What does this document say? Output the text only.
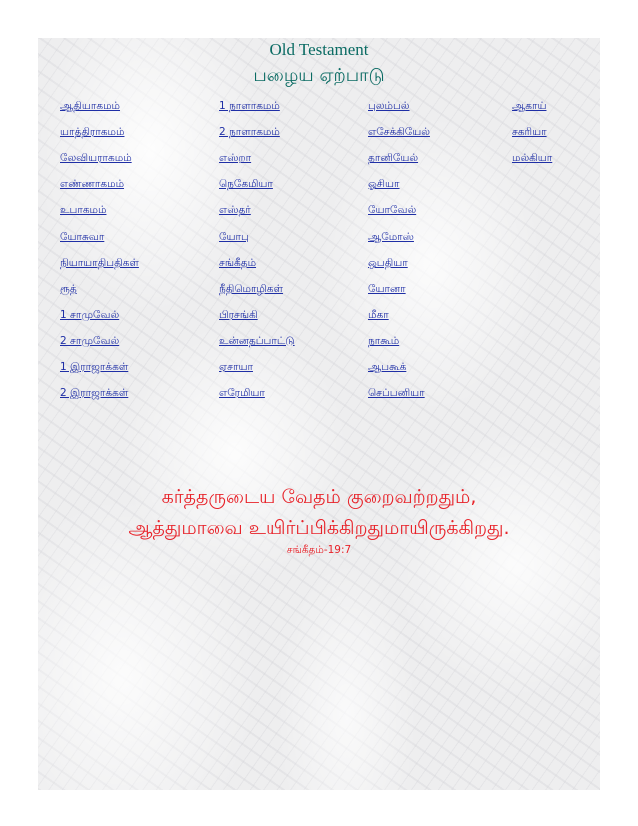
Old Testament
பழைய ஏற்பாடு
ஆதியாகமம்
யாத்திராகமம்
லேவியராகமம்
எண்ணாகமம்
உபாகமம்
யோசுவா
நியாயாதிபதிகள்
ரூத்
1 சாமுவேல்
2 சாமுவேல்
1 இராஜாக்கள்
2 இராஜாக்கள்
1 நாளாகமம்
2 நாளாகமம்
எஸ்றா
நெகேமியா
எஸ்தர்
யோபு
சங்கீதம்
நீதிமொழிகள்
பிரசங்கி
உன்னதப்பாட்டு
ஏசாயா
எரேமியா
புலம்பல்
எசேக்கியேல்
தானியேல்
ஓசியா
யோவேல்
ஆமோஸ்
ஒபதியா
யோனா
மீகா
நாகூம்
ஆபகூக்
செப்பனியா
ஆகாய்
சகரியா
மல்கியா
கர்த்தருடைய வேதம் குறைவற்றதும்,
ஆத்துமாவை உயிர்ப்பிக்கிறதுமாயிருக்கிறது.
சங்கீதம்-19:7
